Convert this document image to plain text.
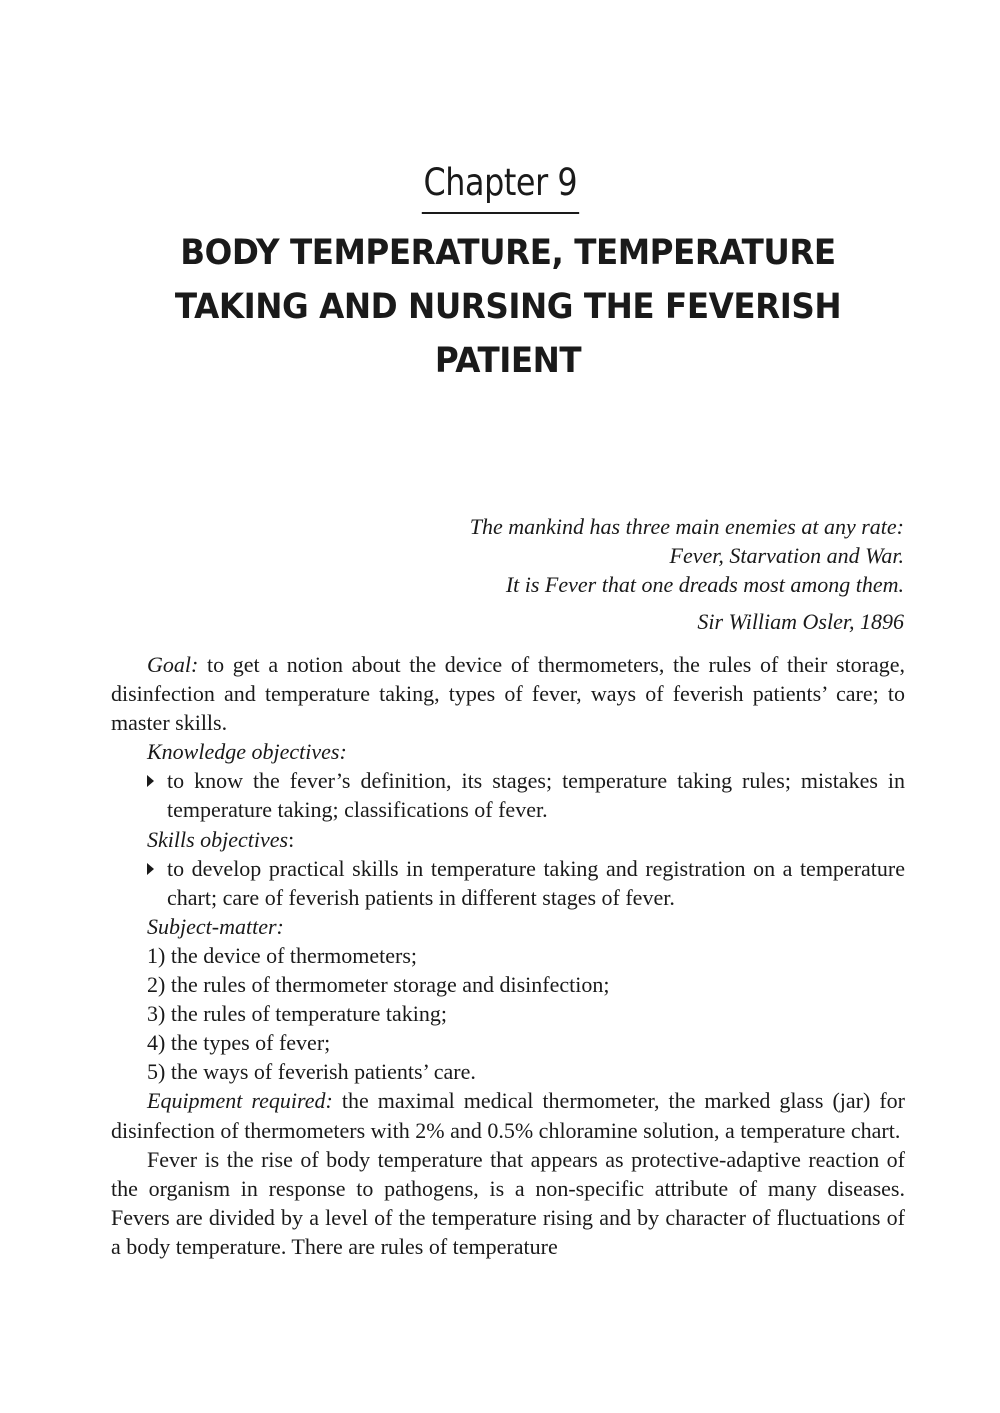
Chapter 9
BODY TEMPERATURE, TEMPERATURE
TAKING AND NURSING THE FEVERISH
PATIENT
The mankind has three main enemies at any rate:
Fever, Starvation and War.
It is Fever that one dreads most among them.
Sir William Osler, 1896

Goal: to get a notion about the device of thermometers, the rules of their storage, disinfection and temperature taking, types of fever, ways of feverish patients’ care; to master skills.

Knowledge objectives:

to know the fever’s definition, its stages; temperature taking rules; mistakes in temperature taking; classifications of fever.

Skills objectives:

to develop practical skills in temperature taking and registration on a temperature chart; care of feverish patients in different stages of fever.

Subject-matter:

1) the device of thermometers;

2) the rules of thermometer storage and disinfection;

3) the rules of temperature taking;

4) the types of fever;

5) the ways of feverish patients’ care.

Equipment required: the maximal medical thermometer, the marked glass (jar) for disinfection of thermometers with 2% and 0.5% chloramine solution, a temperature chart.

Fever is the rise of body temperature that appears as protective-adaptive reaction of the organism in response to pathogens, is a non-specific attribute of many diseases. Fevers are divided by a level of the temperature rising and by character of fluctuations of a body temperature. There are rules of temperature
